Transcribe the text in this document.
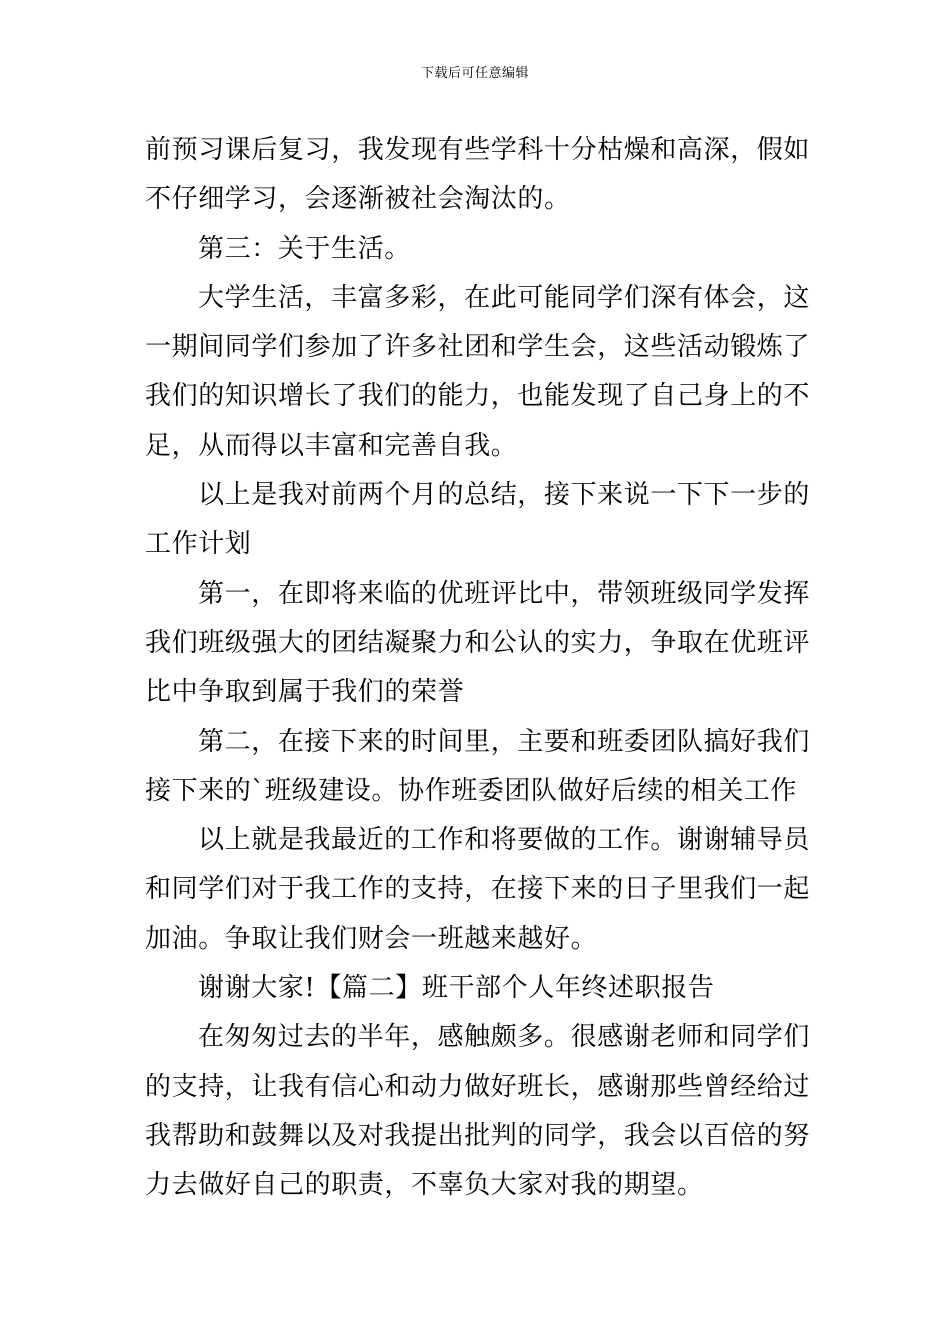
下载后可任意编辑

前预习课后复习，我发现有些学科十分枯燥和高深，假如不仔细学习，会逐渐被社会淘汰的。

第三：关于生活。

大学生活，丰富多彩，在此可能同学们深有体会，这一期间同学们参加了许多社团和学生会，这些活动锻炼了我们的知识增长了我们的能力，也能发现了自己身上的不足，从而得以丰富和完善自我。

以上是我对前两个月的总结，接下来说一下下一步的工作计划

第一，在即将来临的优班评比中，带领班级同学发挥我们班级强大的团结凝聚力和公认的实力，争取在优班评比中争取到属于我们的荣誉

第二，在接下来的时间里，主要和班委团队搞好我们接下来的`班级建设。协作班委团队做好后续的相关工作

以上就是我最近的工作和将要做的工作。谢谢辅导员和同学们对于我工作的支持，在接下来的日子里我们一起加油。争取让我们财会一班越来越好。

谢谢大家!【篇二】班干部个人年终述职报告

在匆匆过去的半年，感触颇多。很感谢老师和同学们的支持，让我有信心和动力做好班长，感谢那些曾经给过我帮助和鼓舞以及对我提出批判的同学，我会以百倍的努力去做好自己的职责，不辜负大家对我的期望。
